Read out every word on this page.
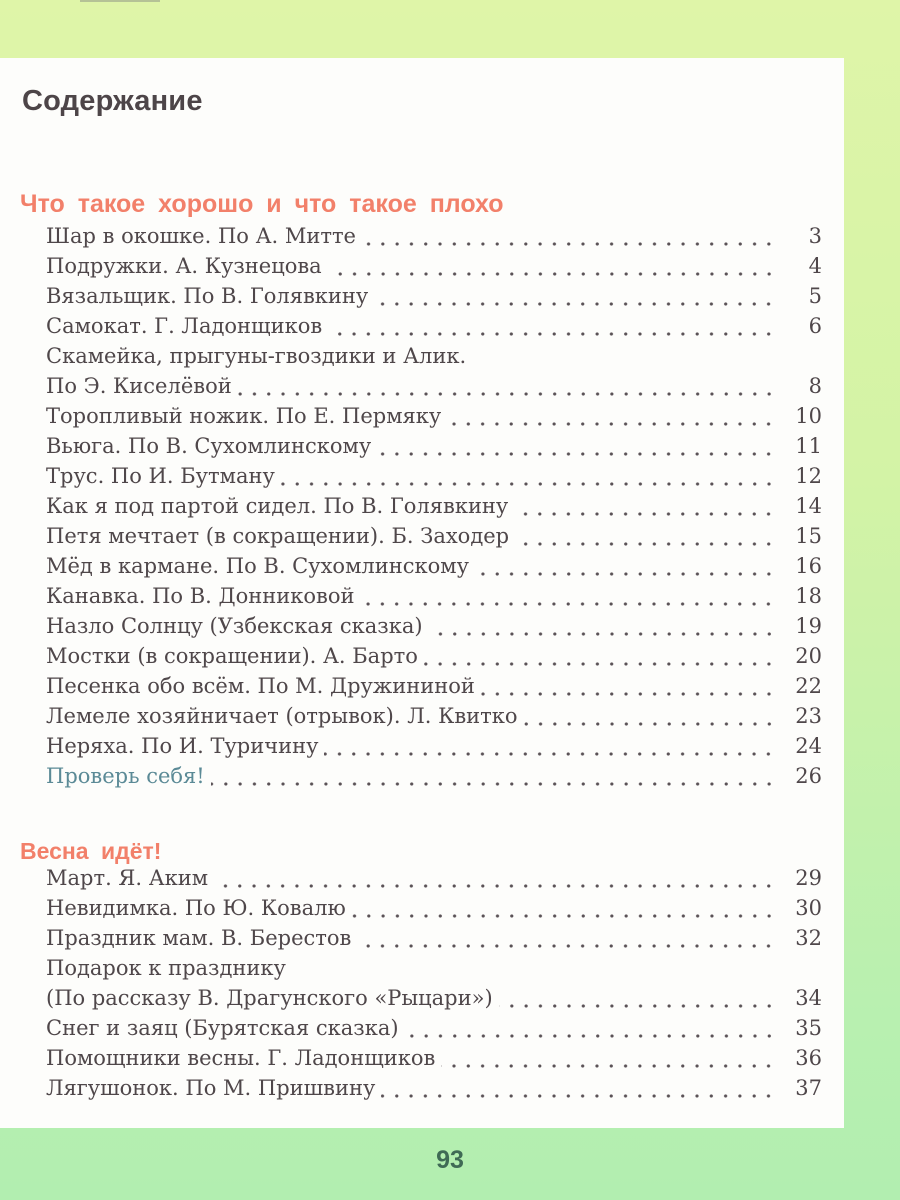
Содержание
Что такое хорошо и что такое плохо
Шар в окошке. По А. Митте	3
Подружки. А. Кузнецова	4
Вязальщик. По В. Голявкину	5
Самокат. Г. Ладонщиков	6
Скамейка, прыгуны-гвоздики и Алик.
По Э. Киселёвой	8
Торопливый ножик. По Е. Пермяку	10
Вьюга. По В. Сухомлинскому	11
Трус. По И. Бутману	12
Как я под партой сидел. По В. Голявкину	14
Петя мечтает (в сокращении). Б. Заходер	15
Мёд в кармане. По В. Сухомлинскому	16
Канавка. По В. Донниковой	18
Назло Солнцу (Узбекская сказка)	19
Мостки (в сокращении). А. Барто	20
Песенка обо всём. По М. Дружининой	22
Лемеле хозяйничает (отрывок). Л. Квитко	23
Неряха. По И. Туричину	24
Проверь себя!	26
Весна идёт!
Март. Я. Аким	29
Невидимка. По Ю. Ковалю	30
Праздник мам. В. Берестов	32
Подарок к празднику
(По рассказу В. Драгунского «Рыцари»)	34
Снег и заяц (Бурятская сказка)	35
Помощники весны. Г. Ладонщиков	36
Лягушонок. По М. Пришвину	37
93
